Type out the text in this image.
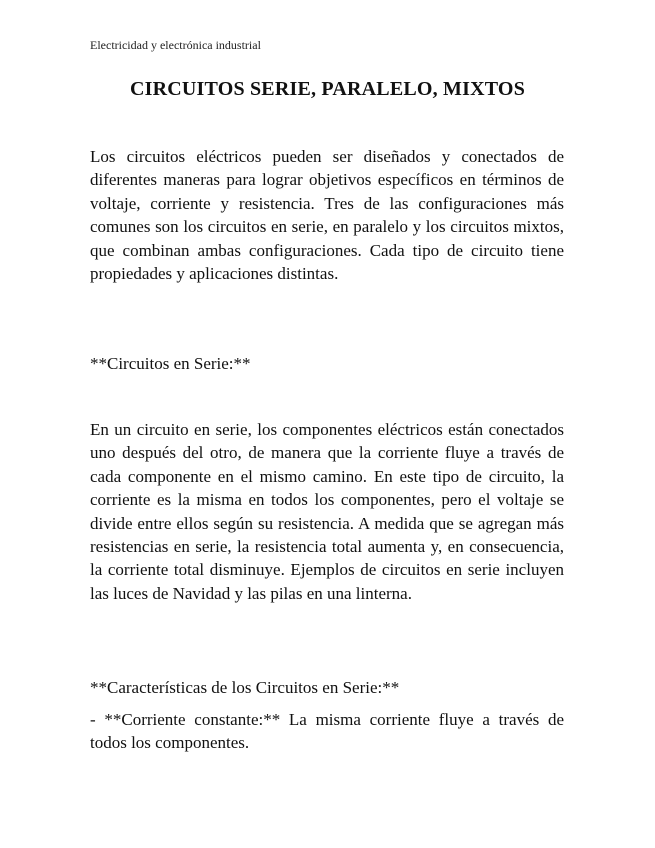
Electricidad y electrónica industrial
CIRCUITOS SERIE, PARALELO, MIXTOS

Los circuitos eléctricos pueden ser diseñados y conectados de diferentes maneras para lograr objetivos específicos en términos de voltaje, corriente y resistencia. Tres de las configuraciones más comunes son los circuitos en serie, en paralelo y los circuitos mixtos, que combinan ambas configuraciones. Cada tipo de circuito tiene propiedades y aplicaciones distintas.

**Circuitos en Serie:**

En un circuito en serie, los componentes eléctricos están conectados uno después del otro, de manera que la corriente fluye a través de cada componente en el mismo camino. En este tipo de circuito, la corriente es la misma en todos los componentes, pero el voltaje se divide entre ellos según su resistencia. A medida que se agregan más resistencias en serie, la resistencia total aumenta y, en consecuencia, la corriente total disminuye. Ejemplos de circuitos en serie incluyen las luces de Navidad y las pilas en una linterna.

**Características de los Circuitos en Serie:**

- **Corriente constante:** La misma corriente fluye a través de todos los componentes.
